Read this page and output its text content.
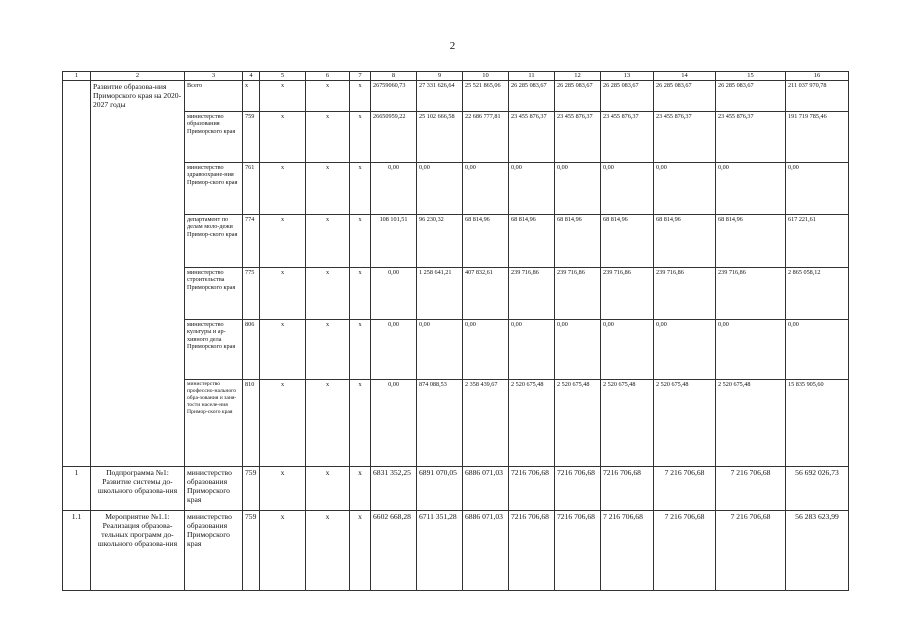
2
1	2	3	4	5	6	7	8	9	10	11	12	13	14	15	16
	Развитие образова-ния Приморского края на 2020-2027 годы	Всего	x	x	x	x	26759060,73	27 331 626,64	25 521 865,06	26 285 083,67	26 285 083,67	26 285 083,67	26 285 083,67	26 285 083,67	211 037 970,78
		министерство образования Приморского края	759	x	x	x	26650959,22	25 102 666,58	22 686 777,81	23 455 876,37	23 455 876,37	23 455 876,37	23 455 876,37	23 455 876,37	191 719 785,46
		министерство здравоохране-ния Примор-ского края	761	x	x	x	0,00	0,00	0,00	0,00	0,00	0,00	0,00	0,00	0,00
		департамент по делам моло-дежи Примор-ского края	774	x	x	x	108 101,51	96 230,32	68 814,96	68 814,96	68 814,96	68 814,96	68 814,96	68 814,96	617 221,61
		министерство строительства Приморского края	775	x	x	x	0,00	1 258 641,21	407 832,61	239 716,86	239 716,86	239 716,86	239 716,86	239 716,86	2 865 058,12
		министерство культуры и ар-хивного дела Приморского края	806	x	x	x	0,00	0,00	0,00	0,00	0,00	0,00	0,00	0,00	0,00
		министерство профессио-нального обра-зования и заня-тости населе-ния Примор-ского края	810	x	x	x	0,00	874 088,53	2 358 439,67	2 520 675,48	2 520 675,48	2 520 675,48	2 520 675,48	2 520 675,48	15 835 905,60
1	Подпрограмма №1: Развитие системы до-школьного образова-ния	министерство образования Приморского края	759	x	x	x	6831 352,25	6891 070,05	6886 071,03	7216 706,68	7216 706,68	7216 706,68	7 216 706,68	7 216 706,68	56 692 026,73
1.1	Мероприятие №1.1: Реализация образова-тельных программ до-школьного образова-ния	министерство образования Приморского края	759	x	x	x	6602 668,28	6711 351,28	6886 071,03	7216 706,68	7216 706,68	7 216 706,68	7 216 706,68	7 216 706,68	56 283 623,99
